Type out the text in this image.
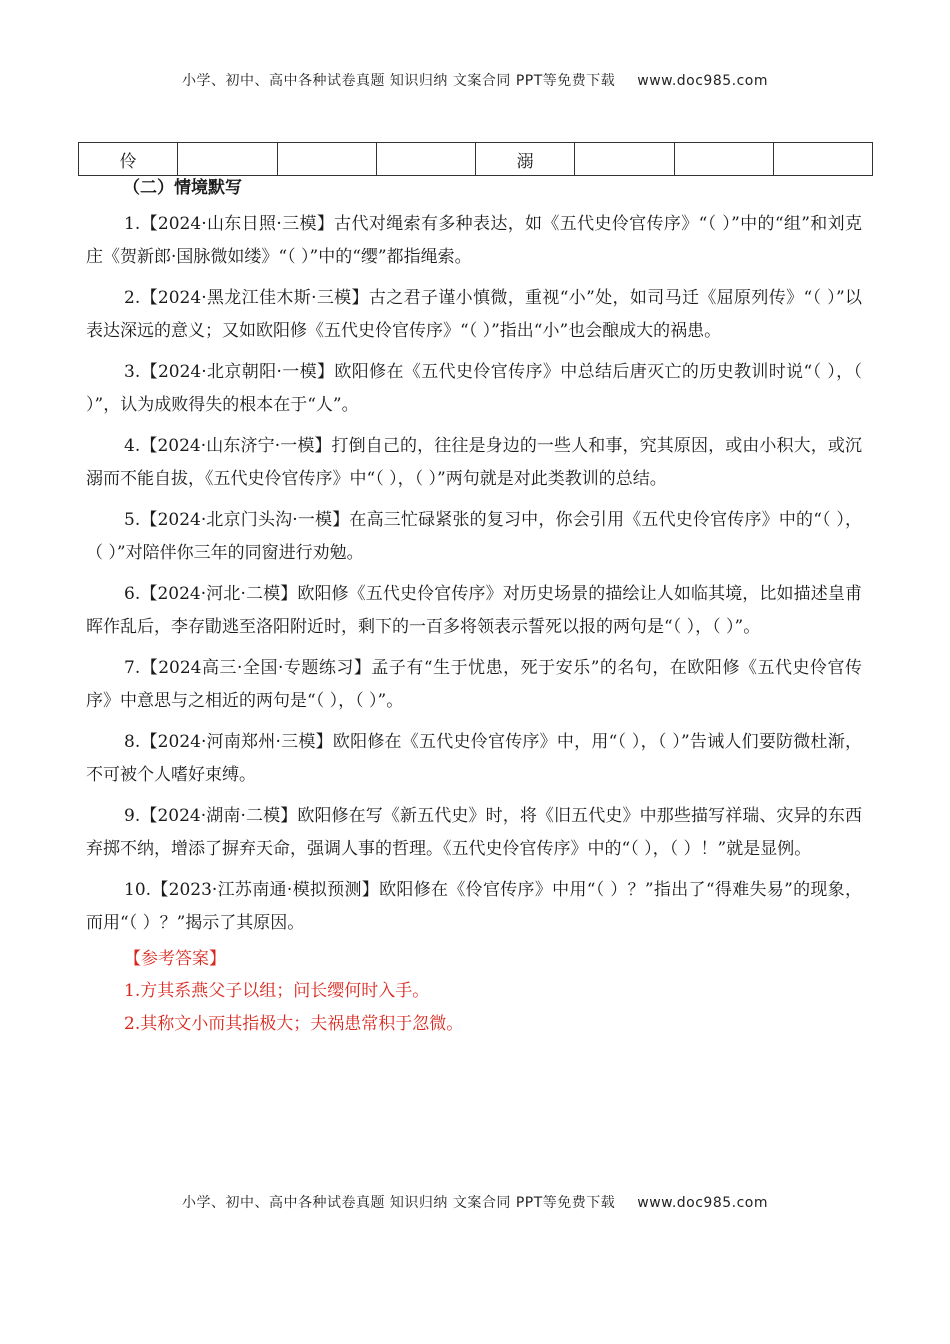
小学、初中、高中各种试卷真题 知识归纳 文案合同 PPT等免费下载 www.doc985.com
伶				溺			
（二）情境默写

1.【2024·山东日照·三模】古代对绳索有多种表达，如《五代史伶官传序》“（ ）”中的“组”和刘克庄《贺新郎·国脉微如缕》“（ ）”中的“缨”都指绳索。

2.【2024·黑龙江佳木斯·三模】古之君子谨小慎微，重视“小”处，如司马迁《屈原列传》“（ ）”以表达深远的意义；又如欧阳修《五代史伶官传序》“（ ）”指出“小”也会酿成大的祸患。

3.【2024·北京朝阳·一模】欧阳修在《五代史伶官传序》中总结后唐灭亡的历史教训时说“（ ），（ ）”，认为成败得失的根本在于“人”。

4.【2024·山东济宁·一模】打倒自己的，往往是身边的一些人和事，究其原因，或由小积大，或沉溺而不能自拔，《五代史伶官传序》中“（ ），（ ）”两句就是对此类教训的总结。

5.【2024·北京门头沟·一模】在高三忙碌紧张的复习中，你会引用《五代史伶官传序》中的“（ ），（ ）”对陪伴你三年的同窗进行劝勉。

6.【2024·河北·二模】欧阳修《五代史伶官传序》对历史场景的描绘让人如临其境，比如描述皇甫晖作乱后，李存勖逃至洛阳附近时，剩下的一百多将领表示誓死以报的两句是“（ ），（ ）”。

7.【2024高三·全国·专题练习】孟子有“生于忧患，死于安乐”的名句，在欧阳修《五代史伶官传序》中意思与之相近的两句是“（ ），（ ）”。

8.【2024·河南郑州·三模】欧阳修在《五代史伶官传序》中，用“（ ），（ ）”告诫人们要防微杜渐，不可被个人嗜好束缚。

9.【2024·湖南·二模】欧阳修在写《新五代史》时，将《旧五代史》中那些描写祥瑞、灾异的东西弃掷不纳，增添了摒弃天命，强调人事的哲理。《五代史伶官传序》中的“（ ），（ ）！”就是显例。

10.【2023·江苏南通·模拟预测】欧阳修在《伶官传序》中用“（ ）？”指出了“得难失易”的现象，而用“（ ）？”揭示了其原因。

【参考答案】
1.方其系燕父子以组；问长缨何时入手。
2.其称文小而其指极大；夫祸患常积于忽微。
小学、初中、高中各种试卷真题 知识归纳 文案合同 PPT等免费下载 www.doc985.com
